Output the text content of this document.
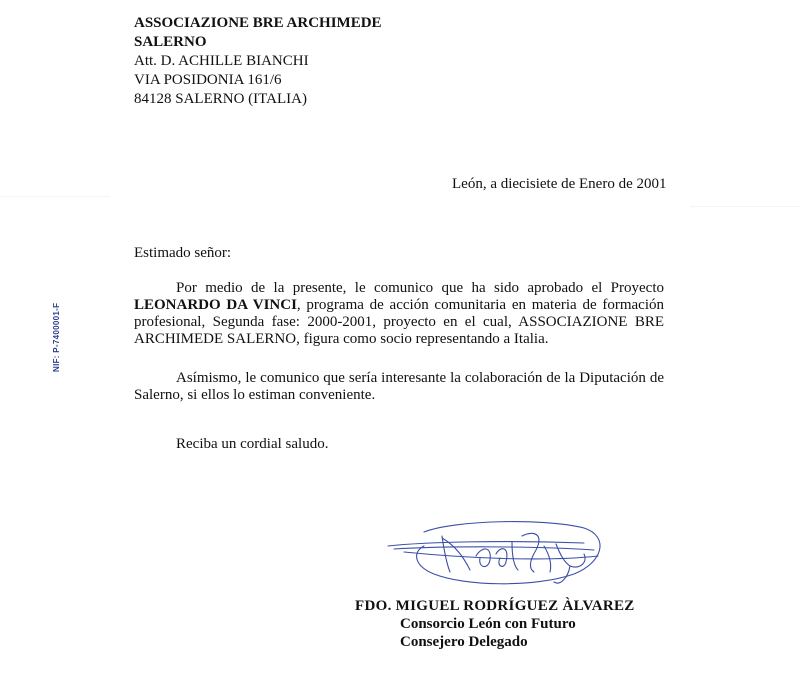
ASSOCIAZIONE BRE ARCHIMEDE
SALERNO
Att. D. ACHILLE BIANCHI
VIA POSIDONIA 161/6
84128 SALERNO (ITALIA)
León, a diecisiete de Enero de 2001
Estimado señor:
Por medio de la presente, le comunico que ha sido aprobado el Proyecto LEONARDO DA VINCI, programa de acción comunitaria en materia de formación profesional, Segunda fase: 2000-2001, proyecto en el cual, ASSOCIAZIONE BRE ARCHIMEDE SALERNO, figura como socio representando a Italia.
Asímismo, le comunico que sería interesante la colaboración de la Diputación de Salerno, si ellos lo estiman conveniente.
Reciba un cordial saludo.
NIF: P-7400001-F
FDO. MIGUEL RODRÍGUEZ ÀLVAREZ
Consorcio León con Futuro
Consejero Delegado
